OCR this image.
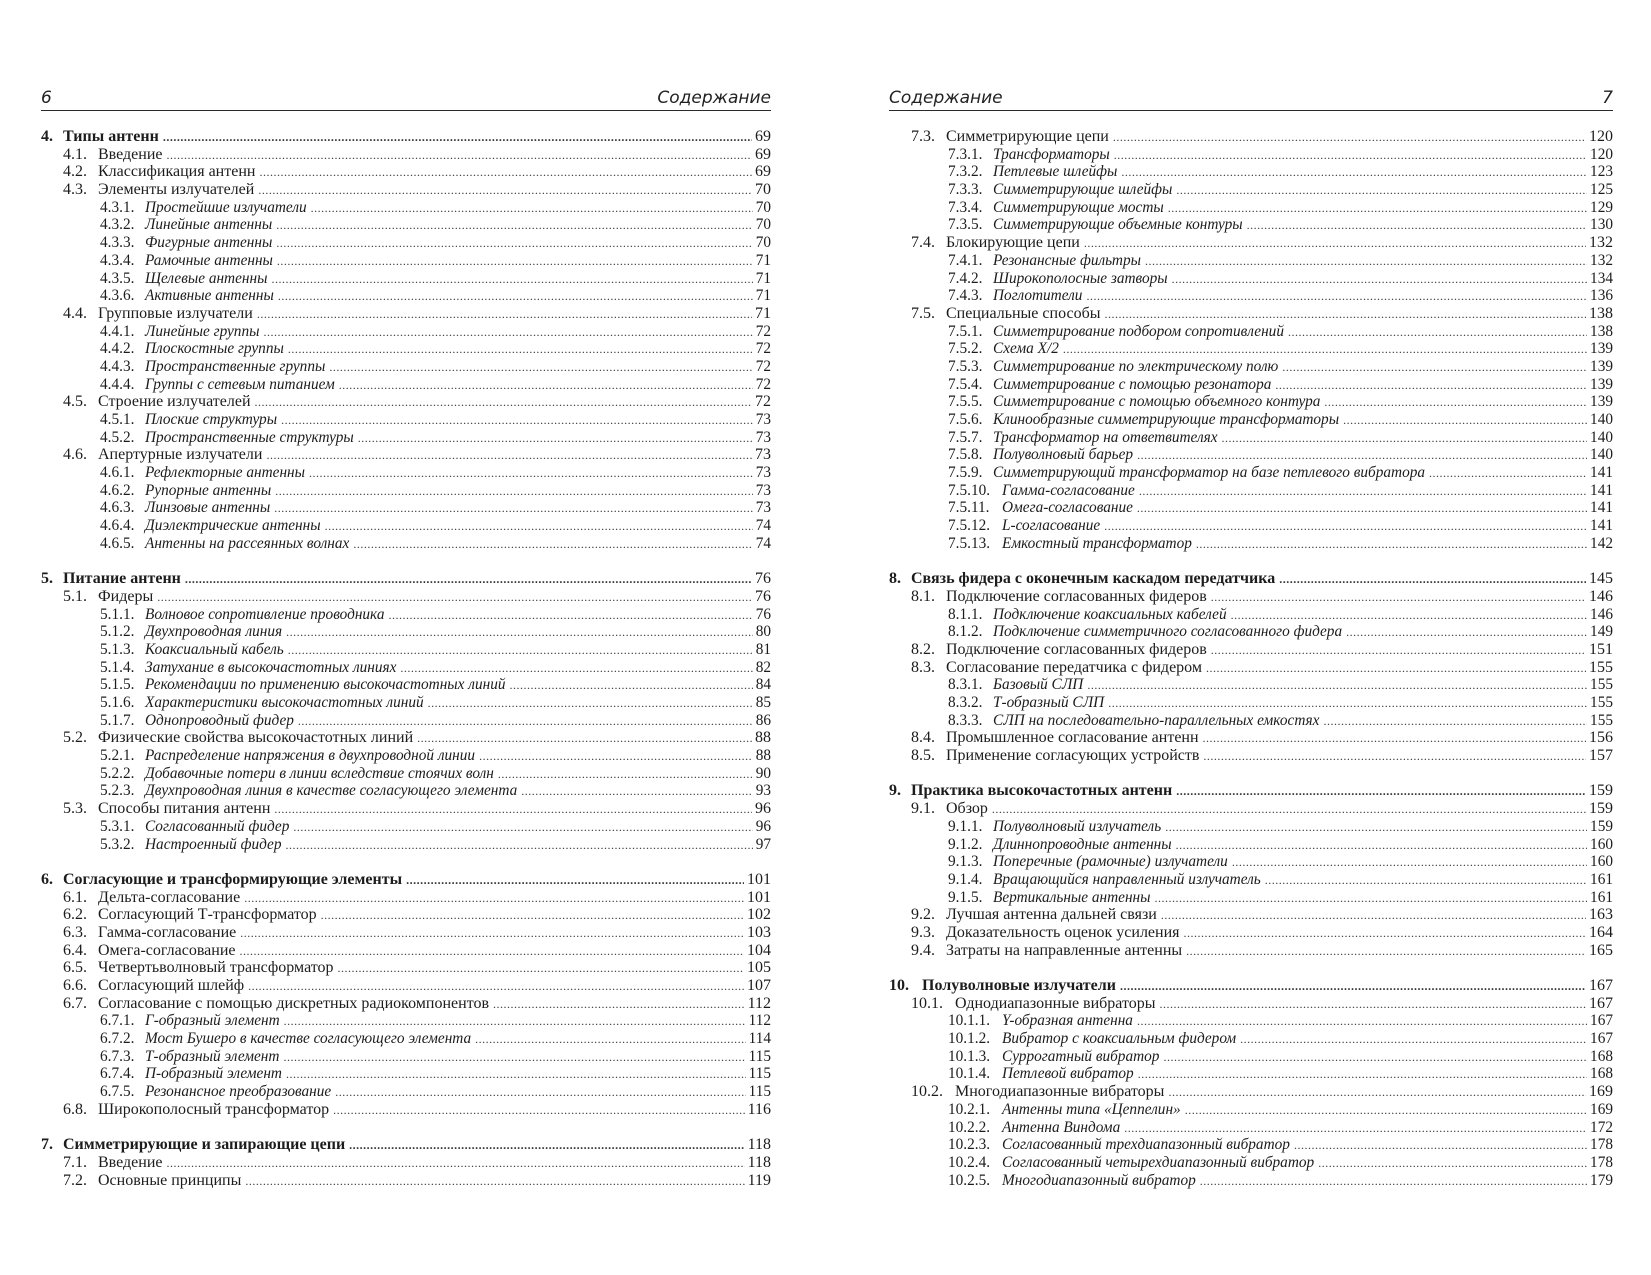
6	Содержание
4. Типы антенн .....	69
4.1. Введение .....	69
4.2. Классификация антенн .....	69
4.3. Элементы излучателей .....	70
4.3.1. Простейшие излучатели .....	70
4.3.2. Линейные антенны .....	70
4.3.3. Фигурные антенны .....	70
4.3.4. Рамочные антенны .....	71
4.3.5. Щелевые антенны .....	71
4.3.6. Активные антенны .....	71
4.4. Групповые излучатели .....	71
4.4.1. Линейные группы .....	72
4.4.2. Плоскостные группы .....	72
4.4.3. Пространственные группы .....	72
4.4.4. Группы с сетевым питанием .....	72
4.5. Строение излучателей .....	72
4.5.1. Плоские структуры .....	73
4.5.2. Пространственные структуры .....	73
4.6. Апертурные излучатели .....	73
4.6.1. Рефлекторные антенны .....	73
4.6.2. Рупорные антенны .....	73
4.6.3. Линзовые антенны .....	73
4.6.4. Диэлектрические антенны .....	74
4.6.5. Антенны на рассеянных волнах .....	74
5. Питание антенн .....	76
5.1. Фидеры .....	76
5.1.1. Волновое сопротивление проводника .....	76
5.1.2. Двухпроводная линия .....	80
5.1.3. Коаксиальный кабель .....	81
5.1.4. Затухание в высокочастотных линиях .....	82
5.1.5. Рекомендации по применению высокочастотных линий .....	84
5.1.6. Характеристики высокочастотных линий .....	85
5.1.7. Однопроводный фидер .....	86
5.2. Физические свойства высокочастотных линий .....	88
5.2.1. Распределение напряжения в двухпроводной линии .....	88
5.2.2. Добавочные потери в линии вследствие стоячих волн .....	90
5.2.3. Двухпроводная линия в качестве согласующего элемента .....	93
5.3. Способы питания антенн .....	96
5.3.1. Согласованный фидер .....	96
5.3.2. Настроенный фидер .....	97
6. Согласующие и трансформирующие элементы .....	101
6.1. Дельта-согласование .....	101
6.2. Согласующий Т-трансформатор .....	102
6.3. Гамма-согласование .....	103
6.4. Омега-согласование .....	104
6.5. Четвертьволновый трансформатор .....	105
6.6. Согласующий шлейф .....	107
6.7. Согласование с помощью дискретных радиокомпонентов .....	112
6.7.1. Г-образный элемент .....	112
6.7.2. Мост Бушеро в качестве согласующего элемента .....	114
6.7.3. Т-образный элемент .....	115
6.7.4. П-образный элемент .....	115
6.7.5. Резонансное преобразование .....	115
6.8. Широкополосный трансформатор .....	116
7. Симметрирующие и запирающие цепи .....	118
7.1. Введение .....	118
7.2. Основные принципы .....	119
Содержание	7
7.3. Симметрирующие цепи .....	120
7.3.1. Трансформаторы .....	120
7.3.2. Петлевые шлейфы .....	123
7.3.3. Симметрирующие шлейфы .....	125
7.3.4. Симметрирующие мосты .....	129
7.3.5. Симметрирующие объемные контуры .....	130
7.4. Блокирующие цепи .....	132
7.4.1. Резонансные фильтры .....	132
7.4.2. Широкополосные затворы .....	134
7.4.3. Поглотители .....	136
7.5. Специальные способы .....	138
7.5.1. Симметрирование подбором сопротивлений .....	138
7.5.2. Схема Х/2 .....	139
7.5.3. Симметрирование по электрическому полю .....	139
7.5.4. Симметрирование с помощью резонатора .....	139
7.5.5. Симметрирование с помощью объемного контура .....	139
7.5.6. Клинообразные симметрирующие трансформаторы .....	140
7.5.7. Трансформатор на ответвителях .....	140
7.5.8. Полуволновый барьер .....	140
7.5.9. Симметрирующий трансформатор на базе петлевого вибратора .....	141
7.5.10. Гамма-согласование .....	141
7.5.11. Омега-согласование .....	141
7.5.12. L-согласование .....	141
7.5.13. Емкостный трансформатор .....	142
8. Связь фидера с оконечным каскадом передатчика .....	145
8.1. Подключение согласованных фидеров .....	146
8.1.1. Подключение коаксиальных кабелей .....	146
8.1.2. Подключение симметричного согласованного фидера .....	149
8.2. Подключение согласованных фидеров .....	151
8.3. Согласование передатчика с фидером .....	155
8.3.1. Базовый СЛП .....	155
8.3.2. Т-образный СЛП .....	155
8.3.3. СЛП на последовательно-параллельных емкостях .....	155
8.4. Промышленное согласование антенн .....	156
8.5. Применение согласующих устройств .....	157
9. Практика высокочастотных антенн .....	159
9.1. Обзор .....	159
9.1.1. Полуволновый излучатель .....	159
9.1.2. Длиннопроводные антенны .....	160
9.1.3. Поперечные (рамочные) излучатели .....	160
9.1.4. Вращающийся направленный излучатель .....	161
9.1.5. Вертикальные антенны .....	161
9.2. Лучшая антенна дальней связи .....	163
9.3. Доказательность оценок усиления .....	164
9.4. Затраты на направленные антенны .....	165
10. Полуволновые излучатели .....	167
10.1. Однодиапазонные вибраторы .....	167
10.1.1. Y-образная антенна .....	167
10.1.2. Вибратор с коаксиальным фидером .....	167
10.1.3. Суррогатный вибратор .....	168
10.1.4. Петлевой вибратор .....	168
10.2. Многодиапазонные вибраторы .....	169
10.2.1. Антенны типа «Цеппелин» .....	169
10.2.2. Антенна Виндома .....	172
10.2.3. Согласованный трехдиапазонный вибратор .....	178
10.2.4. Согласованный четырехдиапазонный вибратор .....	178
10.2.5. Многодиапазонный вибратор .....	179
